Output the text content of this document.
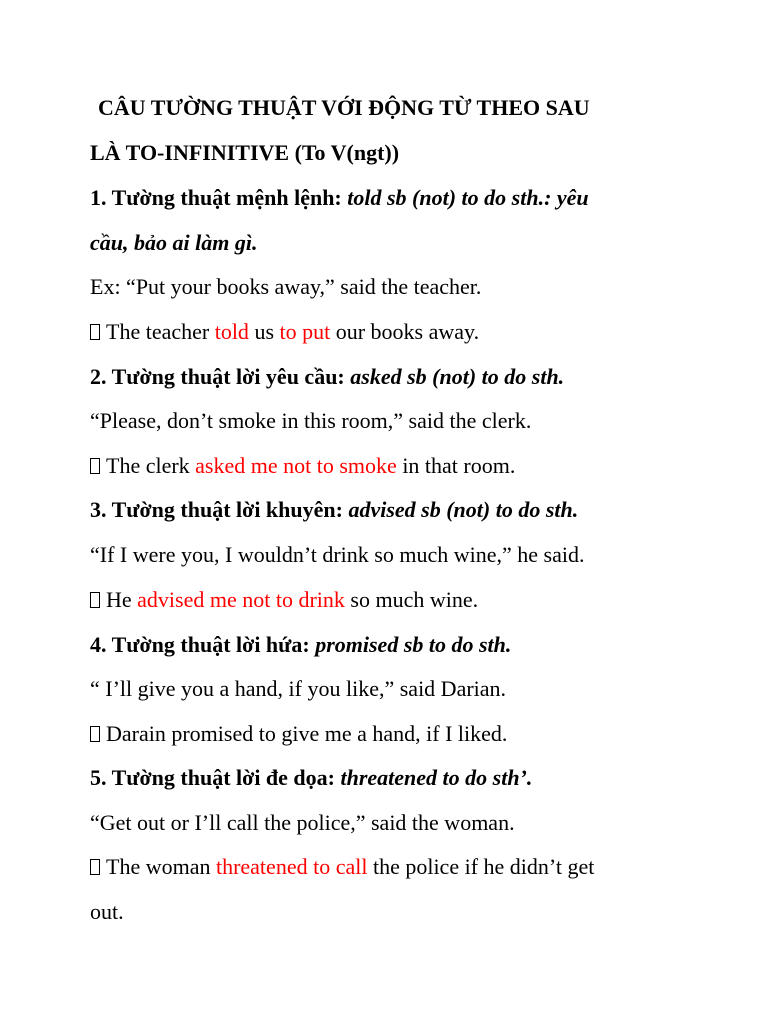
CÂU TƯỜNG THUẬT VỚI ĐỘNG TỪ THEO SAU
LÀ TO-INFINITIVE (To V(ngt))
1. Tường thuật mệnh lệnh: told sb (not) to do sth.: yêu
cầu, bảo ai làm gì.
Ex: “Put your books away,” said the teacher.
The teacher told us to put our books away.
2. Tường thuật lời yêu cầu: asked sb (not) to do sth.
“Please, don’t smoke in this room,” said the clerk.
The clerk asked me not to smoke in that room.
3. Tường thuật lời khuyên: advised sb (not) to do sth.
“If I were you, I wouldn’t drink so much wine,” he said.
He advised me not to drink so much wine.
4. Tường thuật lời hứa: promised sb to do sth.
“ I’ll give you a hand, if you like,” said Darian.
Darain promised to give me a hand, if I liked.
5. Tường thuật lời đe dọa: threatened to do sth’.
“Get out or I’ll call the police,” said the woman.
The woman threatened to call the police if he didn’t get
out.
